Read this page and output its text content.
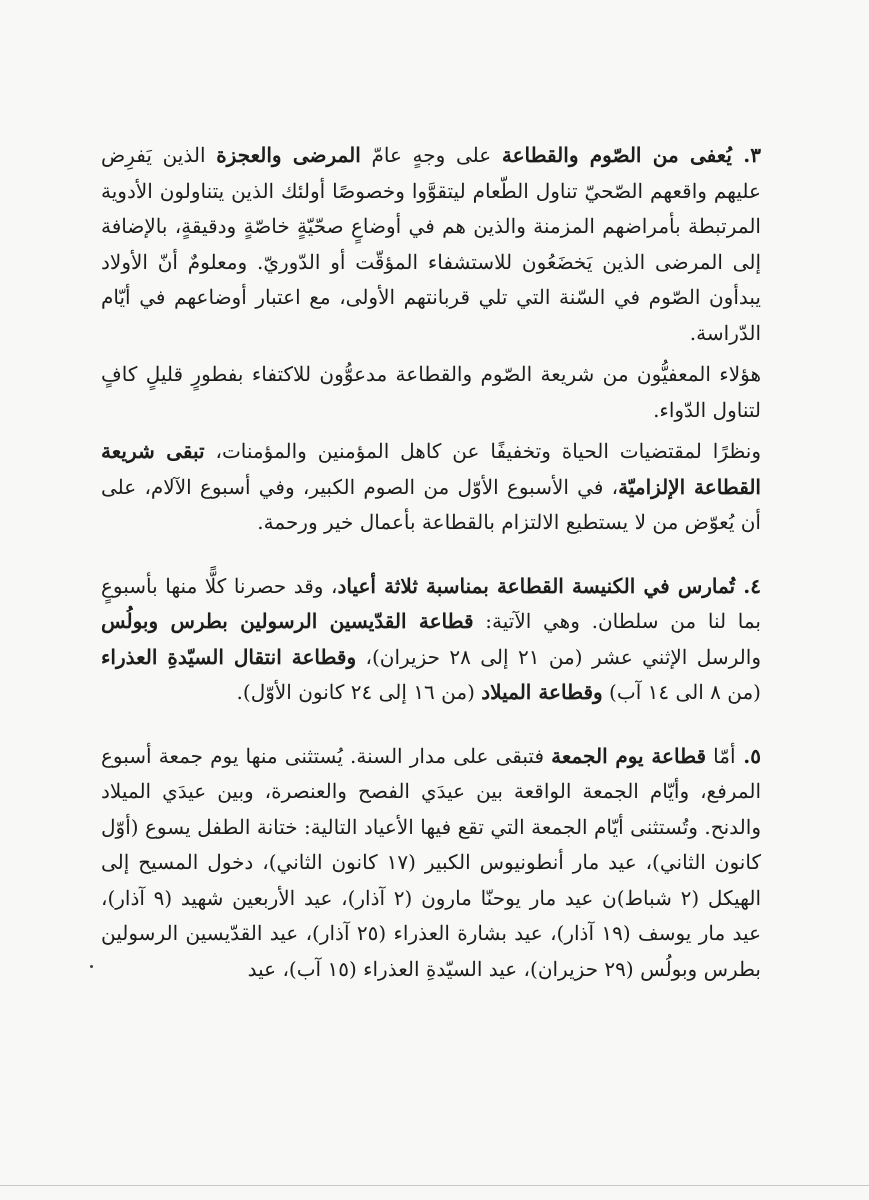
٣. يُعفى من الصّوم والقطاعة على وجهٍ عامّ المرضى والعجزة الذين يَفرِض عليهم واقعهم الصّحيّ تناول الطّعام ليتقوَّوا وخصوصًا أولئك الذين يتناولون الأدوية المرتبطة بأمراضهم المزمنة والذين هم في أوضاعٍ صحّيّةٍ خاصّةٍ ودقيقةٍ، بالإضافة إلى المرضى الذين يَخضَعُون للاستشفاء المؤقّت أو الدّوريّ. ومعلومٌ أنّ الأولاد يبدأون الصّوم في السّنة التي تلي قربانتهم الأولى، مع اعتبار أوضاعهم في أيّام الدّراسة.

هؤلاء المعفيُّون من شريعة الصّوم والقطاعة مدعوُّون للاكتفاء بفطورٍ قليلٍ كافٍ لتناول الدّواء.

ونظرًا لمقتضيات الحياة وتخفيفًا عن كاهل المؤمنين والمؤمنات، تبقى شريعة القطاعة الإلزاميّة، في الأسبوع الأوّل من الصوم الكبير، وفي أسبوع الآلام، على أن يُعوّض من لا يستطيع الالتزام بالقطاعة بأعمال خير ورحمة.

٤. تُمارس في الكنيسة القطاعة بمناسبة ثلاثة أعياد، وقد حصرنا كلًّا منها بأسبوعٍ بما لنا من سلطان. وهي الآتية: قطاعة القدّيسين الرسولين بطرس وبولُس والرسل الإثني عشر (من ٢١ إلى ٢٨ حزيران)، وقطاعة انتقال السيّدةِ العذراء (من ٨ الى ١٤ آب) وقطاعة الميلاد (من ١٦ إلى ٢٤ كانون الأوّل).

٥. أمّا قطاعة يوم الجمعة فتبقى على مدار السنة. يُستثنى منها يوم جمعة أسبوع المرفع، وأيّام الجمعة الواقعة بين عيدَي الفصح والعنصرة، وبين عيدَي الميلاد والدنح. وتُستثنى أيّام الجمعة التي تقع فيها الأعياد التالية: ختانة الطفل يسوع (أوّل كانون الثاني)، عيد مار أنطونيوس الكبير (١٧ كانون الثاني)، دخول المسيح إلى الهيكل (٢ شباط)ن عيد مار يوحنّا مارون (٢ آذار)، عيد الأربعين شهيد (٩ آذار)، عيد مار يوسف (١٩ آذار)، عيد بشارة العذراء (٢٥ آذار)، عيد القدّيسين الرسولين بطرس وبولُس (٢٩ حزيران)، عيد السيّدةِ العذراء (١٥ آب)، عيد
